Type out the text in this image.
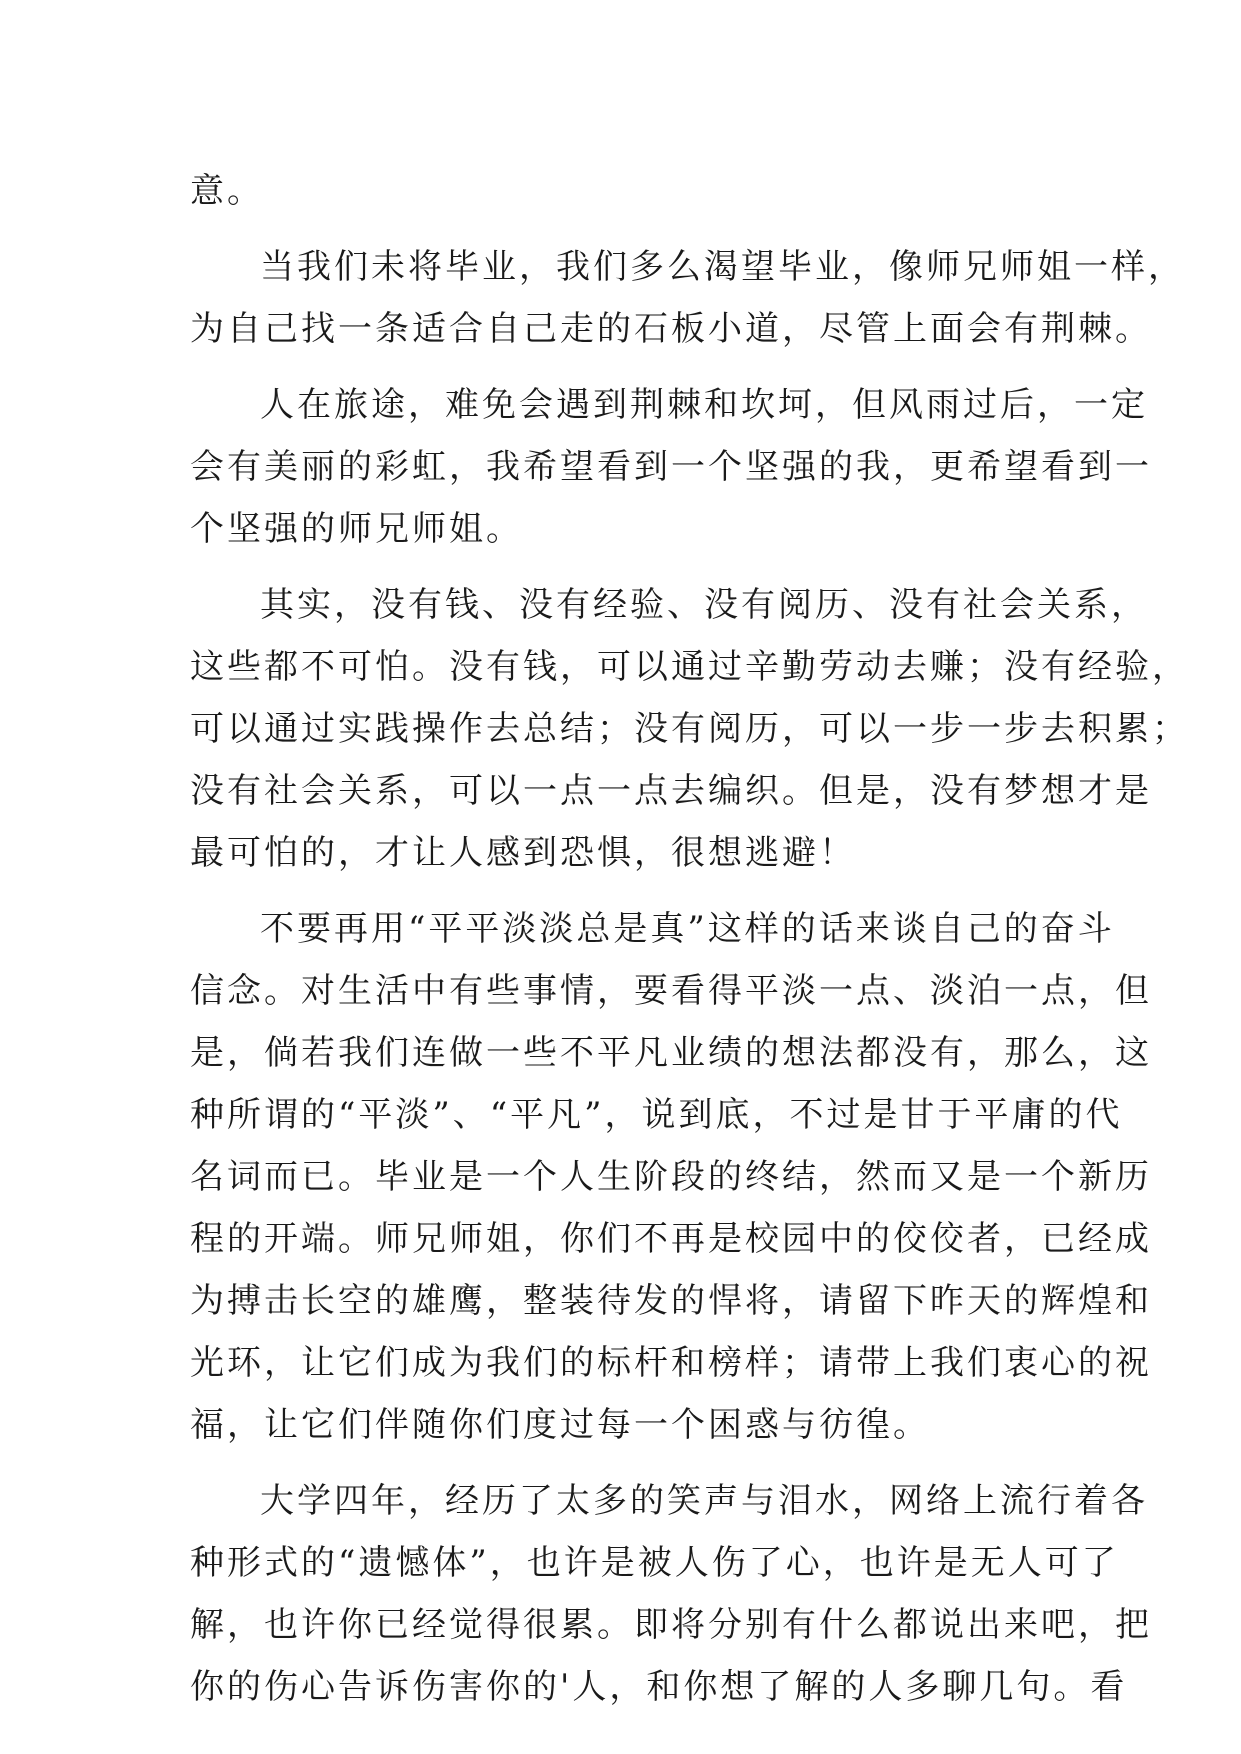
意。
当我们未将毕业，我们多么渴望毕业，像师兄师姐一样，
为自己找一条适合自己走的石板小道，尽管上面会有荆棘。
人在旅途，难免会遇到荆棘和坎坷，但风雨过后，一定
会有美丽的彩虹，我希望看到一个坚强的我，更希望看到一
个坚强的师兄师姐。
其实，没有钱、没有经验、没有阅历、没有社会关系，
这些都不可怕。没有钱，可以通过辛勤劳动去赚；没有经验，
可以通过实践操作去总结；没有阅历，可以一步一步去积累；
没有社会关系，可以一点一点去编织。但是，没有梦想才是
最可怕的，才让人感到恐惧，很想逃避！
不要再用“平平淡淡总是真”这样的话来谈自己的奋斗
信念。对生活中有些事情，要看得平淡一点、淡泊一点，但
是，倘若我们连做一些不平凡业绩的想法都没有，那么，这
种所谓的“平淡”、“平凡”，说到底，不过是甘于平庸的代
名词而已。毕业是一个人生阶段的终结，然而又是一个新历
程的开端。师兄师姐，你们不再是校园中的佼佼者，已经成
为搏击长空的雄鹰，整装待发的悍将，请留下昨天的辉煌和
光环，让它们成为我们的标杆和榜样；请带上我们衷心的祝
福，让它们伴随你们度过每一个困惑与彷徨。
大学四年，经历了太多的笑声与泪水，网络上流行着各
种形式的“遗憾体”，也许是被人伤了心，也许是无人可了
解，也许你已经觉得很累。即将分别有什么都说出来吧，把
你的伤心告诉伤害你的'人，和你想了解的人多聊几句。看
